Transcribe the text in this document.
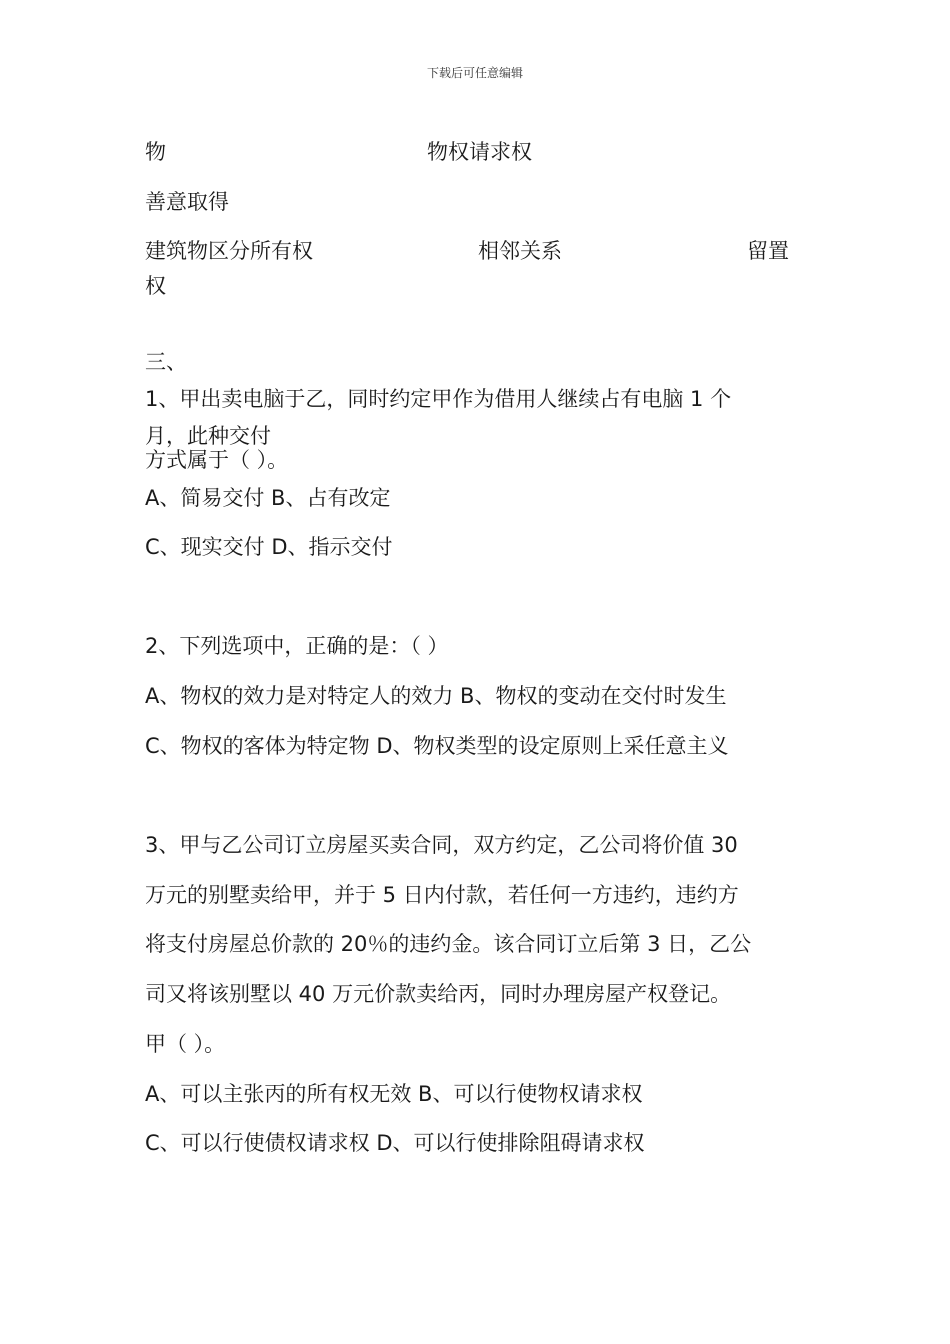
下载后可任意编辑
物	物权请求权
善意取得
建筑物区分所有权	相邻关系	留置
权
三、
1、甲出卖电脑于乙，同时约定甲作为借用人继续占有电脑 1 个
月，此种交付
方式属于（ ）。
A、简易交付 B、占有改定
C、现实交付 D、指示交付
2、下列选项中，正确的是：（ ）
A、物权的效力是对特定人的效力 B、物权的变动在交付时发生
C、物权的客体为特定物 D、物权类型的设定原则上采任意主义
3、甲与乙公司订立房屋买卖合同，双方约定，乙公司将价值 30
万元的别墅卖给甲，并于 5 日内付款，若任何一方违约，违约方
将支付房屋总价款的 20％的违约金。该合同订立后第 3 日，乙公
司又将该别墅以 40 万元价款卖给丙，同时办理房屋产权登记。
甲（ ）。
A、可以主张丙的所有权无效 B、可以行使物权请求权
C、可以行使债权请求权 D、可以行使排除阻碍请求权
